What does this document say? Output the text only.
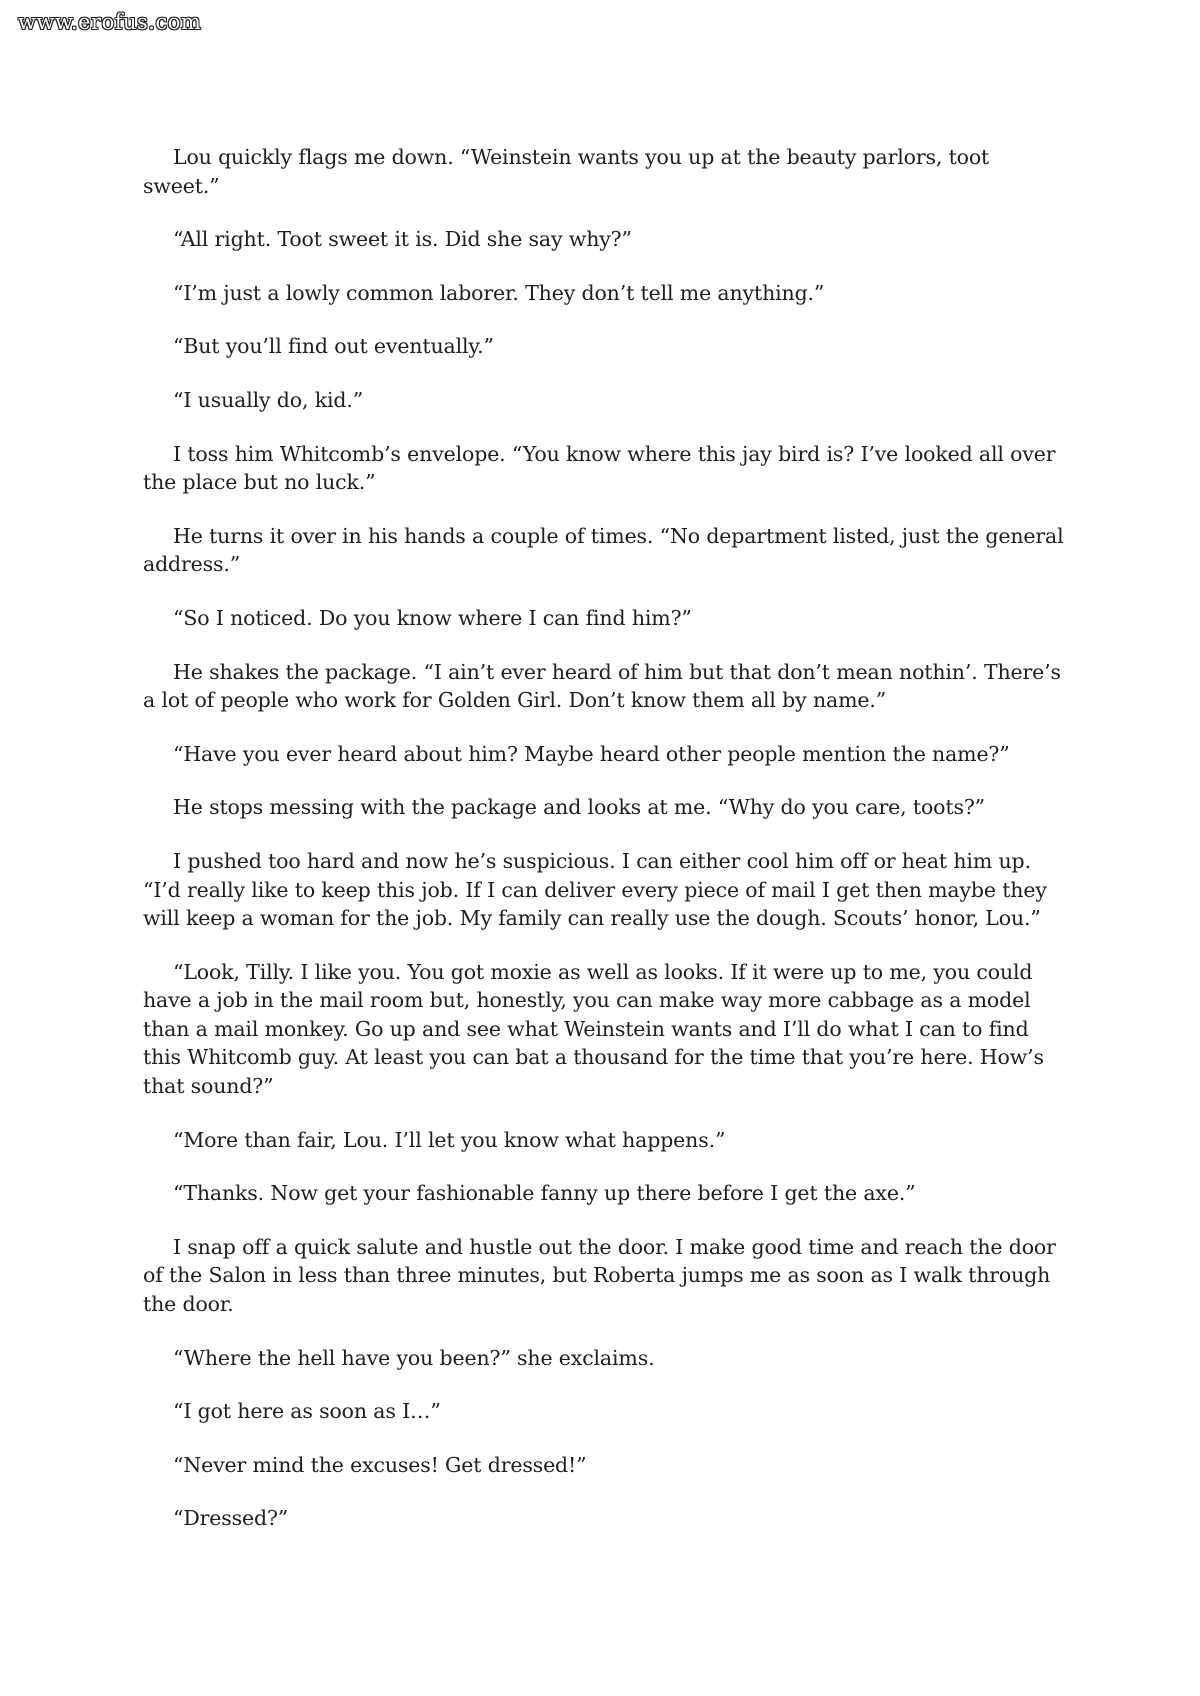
www.erofus.com

Lou quickly flags me down. “Weinstein wants you up at the beauty parlors, toot sweet.”

“All right. Toot sweet it is. Did she say why?”

“I’m just a lowly common laborer. They don’t tell me anything.”

“But you’ll find out eventually.”

“I usually do, kid.”

I toss him Whitcomb’s envelope. “You know where this jay bird is? I’ve looked all over the place but no luck.”

He turns it over in his hands a couple of times. “No department listed, just the general address.”

“So I noticed. Do you know where I can find him?”

He shakes the package. “I ain’t ever heard of him but that don’t mean nothin’. There’s a lot of people who work for Golden Girl. Don’t know them all by name.”

“Have you ever heard about him? Maybe heard other people mention the name?”

He stops messing with the package and looks at me. “Why do you care, toots?”

I pushed too hard and now he’s suspicious. I can either cool him off or heat him up. “I’d really like to keep this job. If I can deliver every piece of mail I get then maybe they will keep a woman for the job. My family can really use the dough. Scouts’ honor, Lou.”

“Look, Tilly. I like you. You got moxie as well as looks. If it were up to me, you could have a job in the mail room but, honestly, you can make way more cabbage as a model than a mail monkey. Go up and see what Weinstein wants and I’ll do what I can to find this Whitcomb guy. At least you can bat a thousand for the time that you’re here. How’s that sound?”

“More than fair, Lou. I’ll let you know what happens.”

“Thanks. Now get your fashionable fanny up there before I get the axe.”

I snap off a quick salute and hustle out the door. I make good time and reach the door of the Salon in less than three minutes, but Roberta jumps me as soon as I walk through the door.

“Where the hell have you been?” she exclaims.

“I got here as soon as I…”

“Never mind the excuses! Get dressed!”

“Dressed?”
